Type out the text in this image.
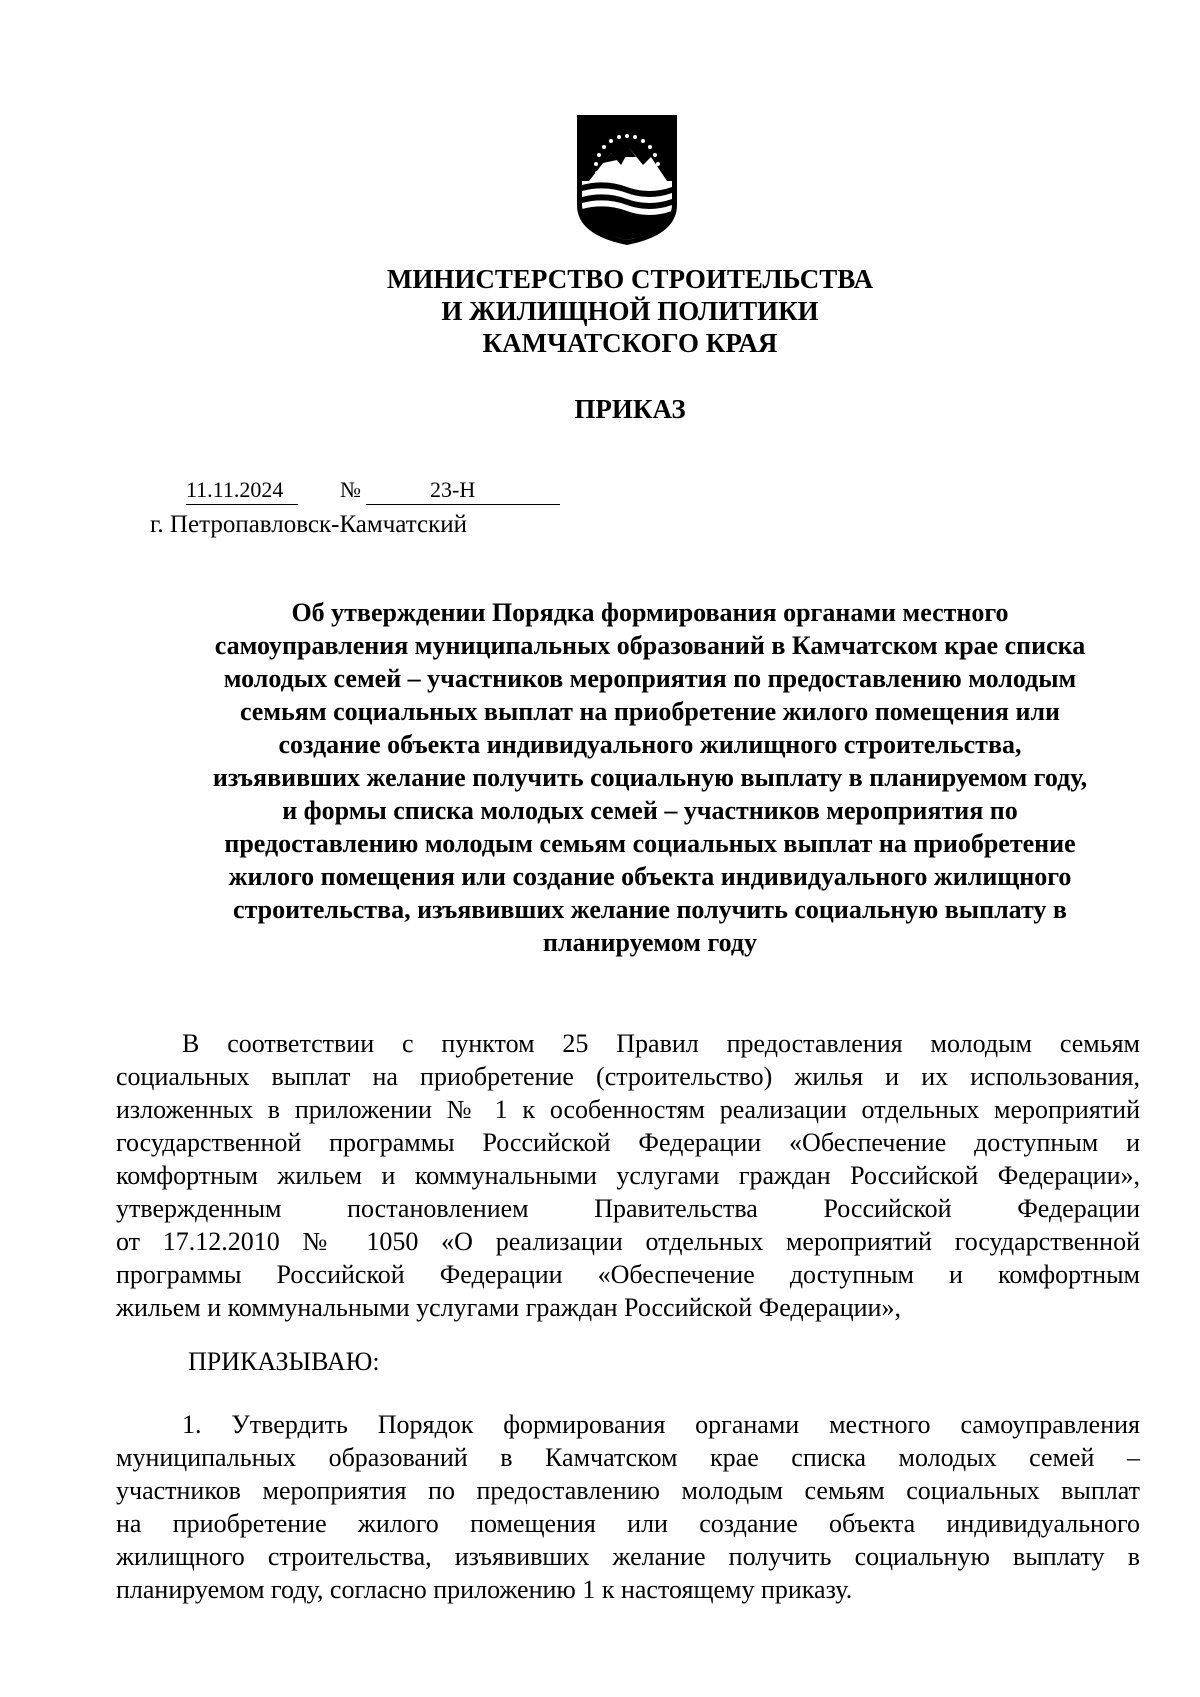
МИНИСТЕРСТВО СТРОИТЕЛЬСТВА
И ЖИЛИЩНОЙ ПОЛИТИКИ
КАМЧАТСКОГО КРАЯ
ПРИКАЗ
11.11.2024	№	23-Н
г. Петропавловск-Камчатский
Об утверждении Порядка формирования органами местного
самоуправления муниципальных образований в Камчатском крае списка
молодых семей – участников мероприятия по предоставлению молодым
семьям социальных выплат на приобретение жилого помещения или
создание объекта индивидуального жилищного строительства,
изъявивших желание получить социальную выплату в планируемом году,
и формы списка молодых семей – участников мероприятия по
предоставлению молодым семьям социальных выплат на приобретение
жилого помещения или создание объекта индивидуального жилищного
строительства, изъявивших желание получить социальную выплату в
планируемом году
В соответствии с пунктом 25 Правил предоставления молодым семьям
социальных выплат на приобретение (строительство) жилья и их использования,
изложенных в приложении № 1 к особенностям реализации отдельных мероприятий
государственной программы Российской Федерации «Обеспечение доступным и
комфортным жильем и коммунальными услугами граждан Российской Федерации»,
утвержденным постановлением Правительства Российской Федерации
от 17.12.2010 № 1050 «О реализации отдельных мероприятий государственной
программы Российской Федерации «Обеспечение доступным и комфортным
жильем и коммунальными услугами граждан Российской Федерации»,
ПРИКАЗЫВАЮ:
1. Утвердить Порядок формирования органами местного самоуправления
муниципальных образований в Камчатском крае списка молодых семей –
участников мероприятия по предоставлению молодым семьям социальных выплат
на приобретение жилого помещения или создание объекта индивидуального
жилищного строительства, изъявивших желание получить социальную выплату в
планируемом году, согласно приложению 1 к настоящему приказу.
